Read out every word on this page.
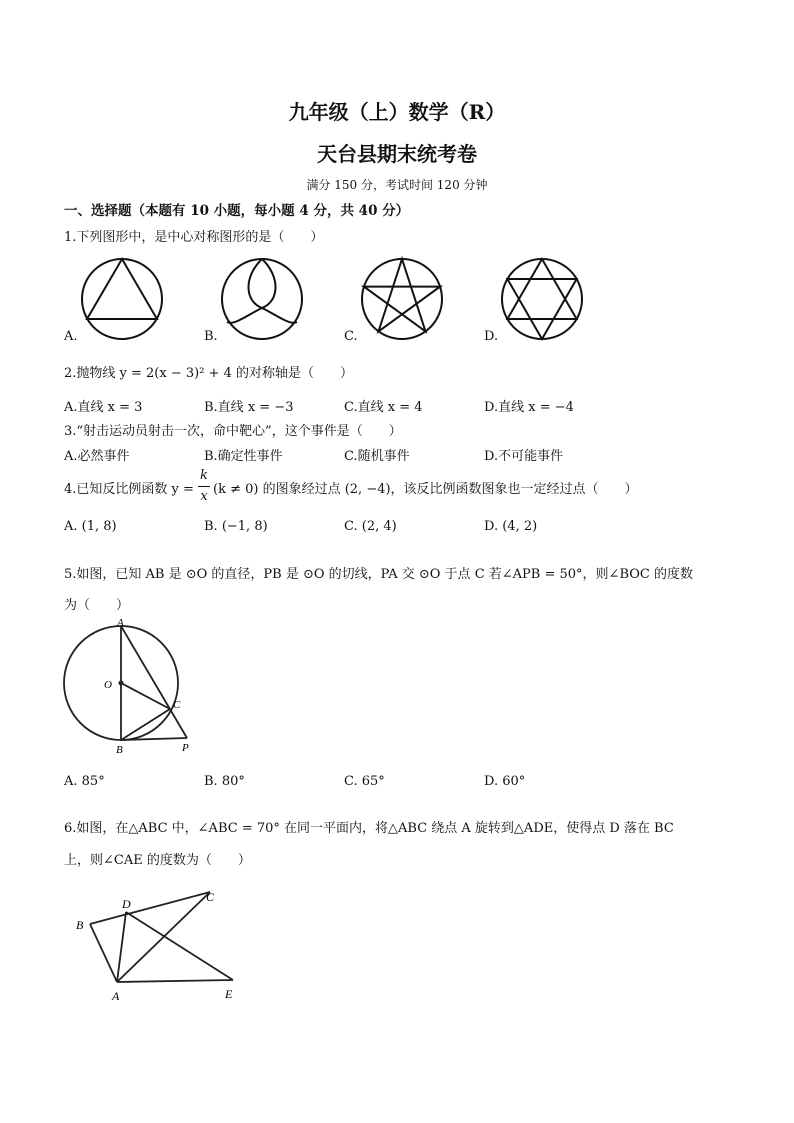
九年级（上）数学（R）
天台县期末统考卷
满分 150 分，考试时间 120 分钟
一、选择题（本题有 10 小题，每小题 4 分，共 40 分）
1.下列图形中，是中心对称图形的是（　　）
A.	B.	C.	D.
2.抛物线 y = 2(x − 3)² + 4 的对称轴是（　　）
A.直线 x = 3	B.直线 x = −3	C.直线 x = 4	D.直线 x = −4
3.“射击运动员射击一次，命中靶心”，这个事件是（　　）
A.必然事件	B.确定性事件	C.随机事件	D.不可能事件
4.已知反比例函数 y =
k
x (k ≠ 0) 的图象经过点 (2, −4)，该反比例函数图象也一定经过点（　　）
A. (1, 8)	B. (−1, 8)	C. (2, 4)	D. (4, 2)
5.如图，已知 AB 是 ⊙O 的直径，PB 是 ⊙O 的切线，PA 交 ⊙O 于点 C 若∠APB = 50°，则∠BOC 的度数
为（　　）
A
O
C
B	P
A. 85°	B. 80°	C. 65°	D. 60°
6.如图，在△ABC 中，∠ABC = 70° 在同一平面内，将△ABC 绕点 A 旋转到△ADE，使得点 D 落在 BC
上，则∠CAE 的度数为（　　）
D	C
B
A	E
